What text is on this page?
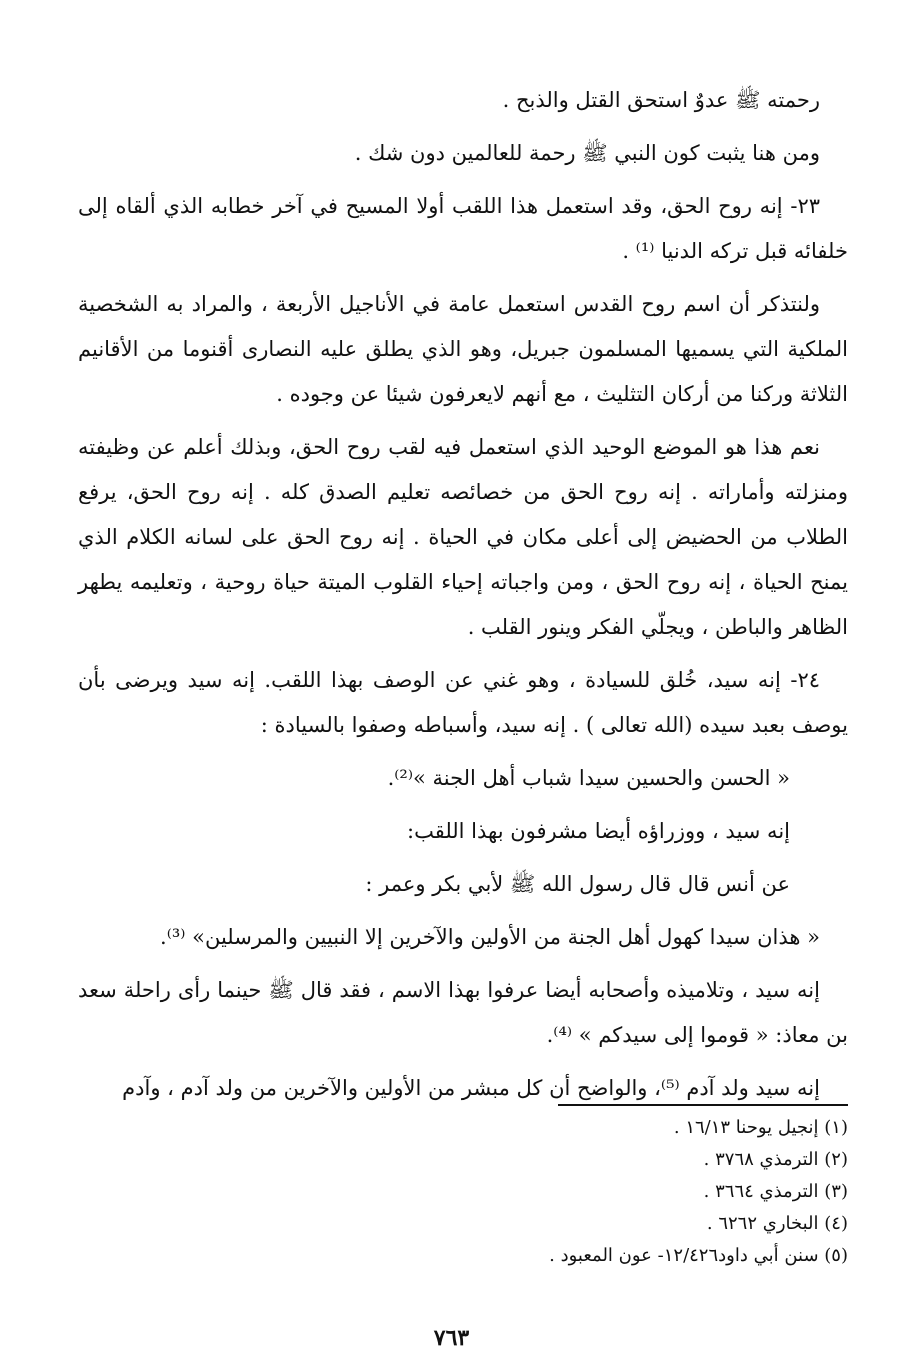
رحمته ﷺ عدوٌ استحق القتل والذبح .

ومن هنا يثبت كون النبي ﷺ رحمة للعالمين دون شك .

٢٣- إنه روح الحق، وقد استعمل هذا اللقب أولا المسيح في آخر خطابه الذي ألقاه إلى خلفائه قبل تركه الدنيا ⁽¹⁾ .

ولنتذكر أن اسم روح القدس استعمل عامة في الأناجيل الأربعة ، والمراد به الشخصية الملكية التي يسميها المسلمون جبريل، وهو الذي يطلق عليه النصارى أقنوما من الأقانيم الثلاثة وركنا من أركان التثليث ، مع أنهم لايعرفون شيئا عن وجوده .

نعم هذا هو الموضع الوحيد الذي استعمل فيه لقب روح الحق، وبذلك أعلم عن وظيفته ومنزلته وأماراته . إنه روح الحق من خصائصه تعليم الصدق كله . إنه روح الحق، يرفع الطلاب من الحضيض إلى أعلى مكان في الحياة . إنه روح الحق على لسانه الكلام الذي يمنح الحياة ، إنه روح الحق ، ومن واجباته إحياء القلوب الميتة حياة روحية ، وتعليمه يطهر الظاهر والباطن ، ويجلّي الفكر وينور القلب .

٢٤- إنه سيد، خُلق للسيادة ، وهو غني عن الوصف بهذا اللقب. إنه سيد ويرضى بأن يوصف بعبد سيده (الله تعالى ) . إنه سيد، وأسباطه وصفوا بالسيادة :

« الحسن والحسين سيدا شباب أهل الجنة »⁽²⁾.

إنه سيد ، ووزراؤه أيضا مشرفون بهذا اللقب:

عن أنس قال قال رسول الله ﷺ لأبي بكر وعمر :

« هذان سيدا كهول أهل الجنة من الأولين والآخرين إلا النبيين والمرسلين» ⁽³⁾.

إنه سيد ، وتلاميذه وأصحابه أيضا عرفوا بهذا الاسم ، فقد قال ﷺ حينما رأى راحلة سعد بن معاذ: « قوموا إلى سيدكم » ⁽⁴⁾.

إنه سيد ولد آدم ⁽⁵⁾، والواضح أن كل مبشر من الأولين والآخرين من ولد آدم ، وآدم

(١) إنجيل يوحنا ١٦/١٣ .

(٢) الترمذي ٣٧٦٨ .

(٣) الترمذي ٣٦٦٤ .

(٤) البخاري ٦٢٦٢ .

(٥) سنن أبي داود١٢/٤٢٦- عون المعبود .

٧٦٣
